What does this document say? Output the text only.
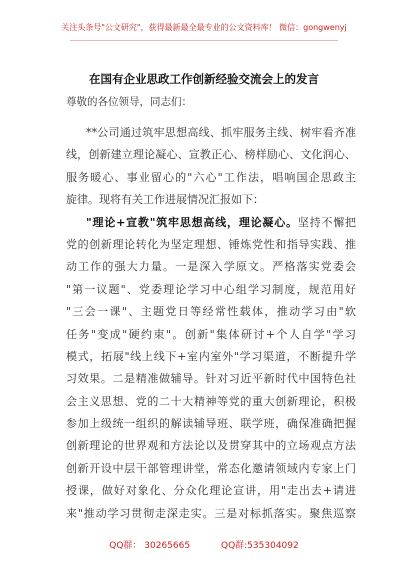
关注头条号"公文研究"，获得最新最全最专业的公文资料库！ 微信：gongwenyj
在国有企业思政工作创新经验交流会上的发言
尊敬的各位领导，同志们：
**公司通过筑牢思想高线、抓牢服务主线、树牢看齐准
线，创新建立理论凝心、宣教正心、榜样励心、文化润心、
服务暖心、事业留心的"六心"工作法，唱响国企思政主
旋律。现将有关工作进展情况汇报如下：
"理论+宣教"筑牢思想高线，理论凝心。坚持不懈把
党的创新理论转化为坚定理想、锤炼党性和指导实践、推
动工作的强大力量。一是深入学原文。严格落实党委会
"第一议题"、党委理论学习中心组学习制度，规范用好
"三会一课"、主题党日等经常性载体，推动学习由"软
任务"变成"硬约束"。创新"集体研讨+个人自学"学习
模式，拓展"线上线下+室内室外"学习渠道，不断提升学
习效果。二是精准做辅导。针对习近平新时代中国特色社
会主义思想、党的二十大精神等党的重大创新理论，积极
参加上级统一组织的解读辅导班、联学班，确保准确把握
创新理论的世界观和方法论以及贯穿其中的立场观点方法
创新开设中层干部管理讲堂，常态化邀请领域内专家上门
授课，做好对象化、分众化理论宣讲，用"走出去+请进
来"推动学习贯彻走深走实。三是对标抓落实。聚焦巡察
QQ群： 30265665	QQ群:535304092
